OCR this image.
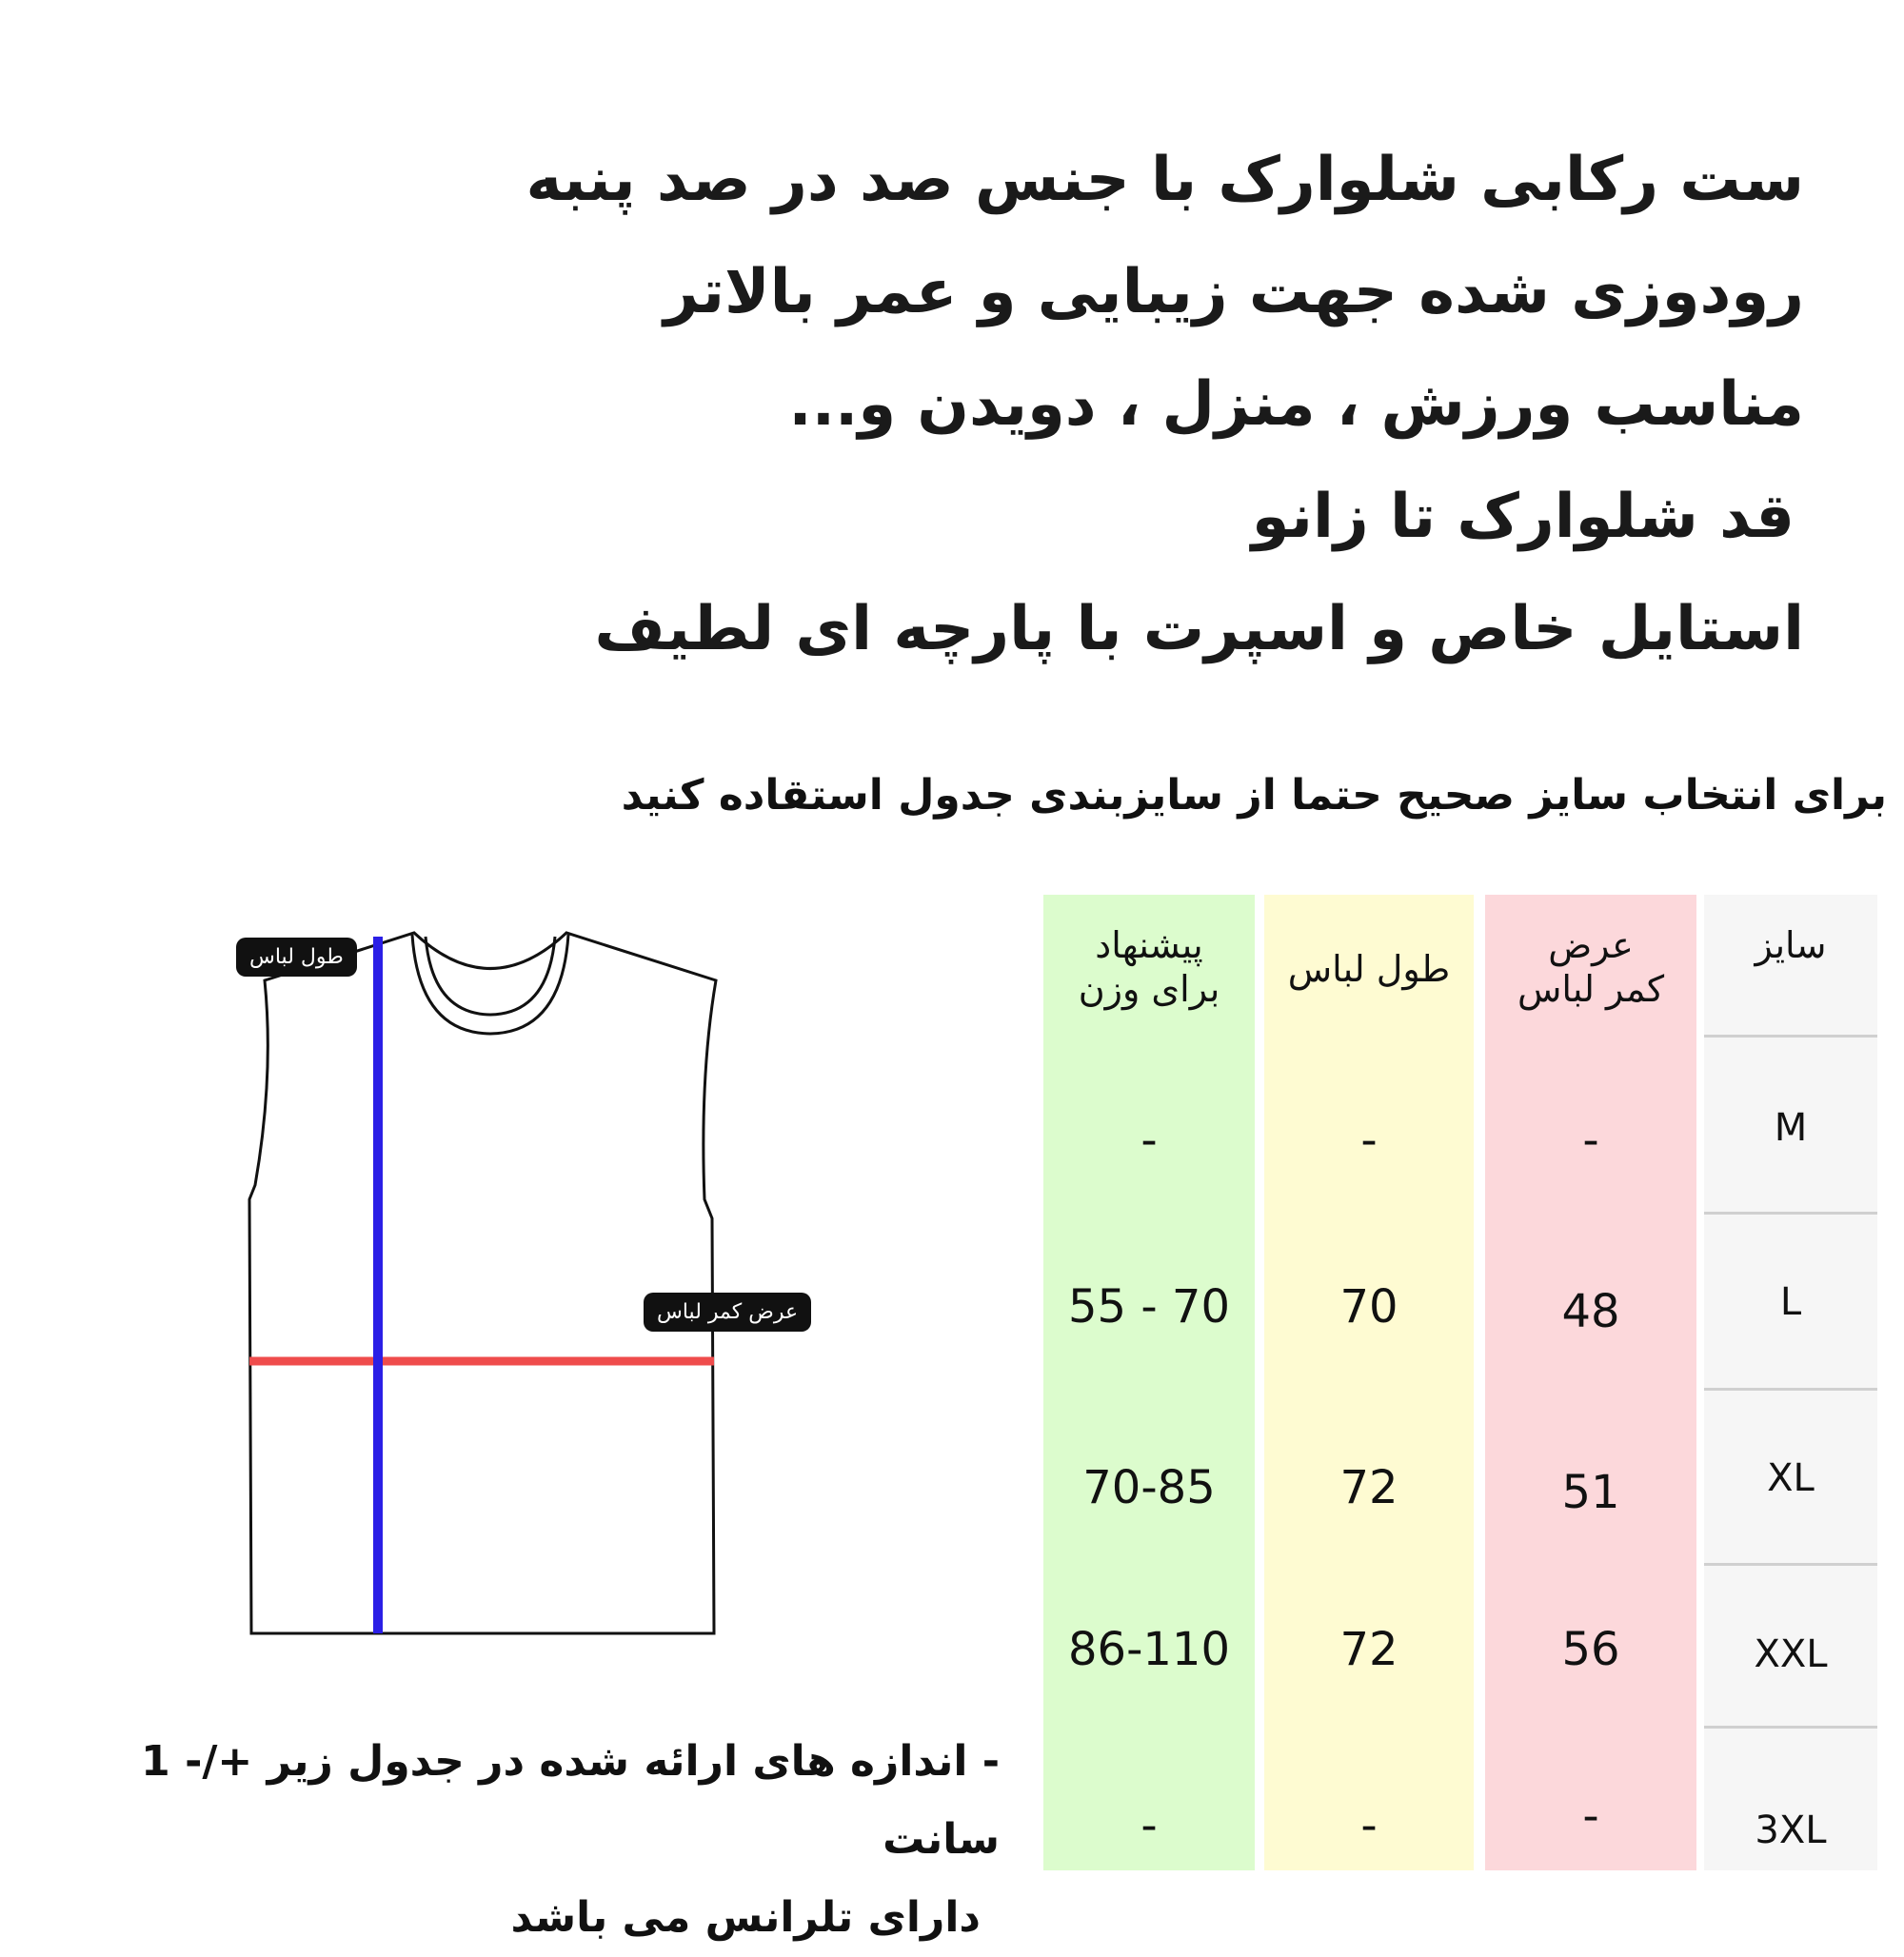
ست رکابی شلوارک با جنس صد در صد پنبه
رودوزی شده جهت زیبایی و عمر بالاتر
مناسب ورزش ، منزل ، دویدن و...
قد شلوارک تا زانو
استایل خاص و اسپرت با پارچه ای لطیف
برای انتخاب سایز صحیح حتما از سایزبندی جدول استقاده کنید
طول لباس
عرض کمر لباس
- اندازه های ارائه شده در جدول زیر +/- 1 سانت
دارای تلرانس می باشد
پیشنهاد
برای وزن
-
55 - 70
70-85
86-110
-
طول لباس
-
70
72
72
-
عرض
کمر لباس
-
48
51
56
-
سایز
M
L
XL
XXL
3XL
